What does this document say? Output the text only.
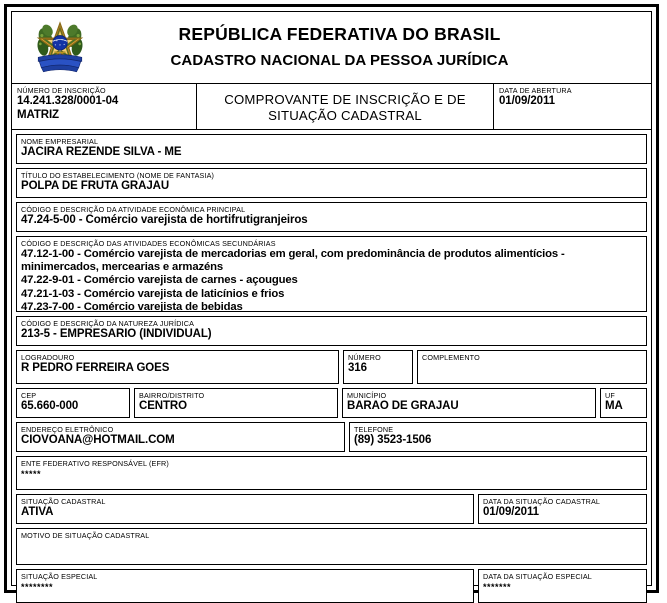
REPÚBLICA FEDERATIVA DO BRASIL
CADASTRO NACIONAL DA PESSOA JURÍDICA
NÚMERO DE INSCRIÇÃO
14.241.328/0001-04
MATRIZ
COMPROVANTE DE INSCRIÇÃO E DE
SITUAÇÃO CADASTRAL
DATA DE ABERTURA
01/09/2011
NOME EMPRESARIAL
JACIRA REZENDE SILVA - ME
TÍTULO DO ESTABELECIMENTO (NOME DE FANTASIA)
POLPA DE FRUTA GRAJAU
CÓDIGO E DESCRIÇÃO DA ATIVIDADE ECONÔMICA PRINCIPAL
47.24-5-00 - Comércio varejista de hortifrutigranjeiros
CÓDIGO E DESCRIÇÃO DAS ATIVIDADES ECONÔMICAS SECUNDÁRIAS
47.12-1-00 - Comércio varejista de mercadorias em geral, com predominância de produtos alimentícios -
minimercados, mercearias e armazéns
47.22-9-01 - Comércio varejista de carnes - açougues
47.21-1-03 - Comércio varejista de laticínios e frios
47.23-7-00 - Comércio varejista de bebidas
CÓDIGO E DESCRIÇÃO DA NATUREZA JURÍDICA
213-5 - EMPRESARIO (INDIVIDUAL)
LOGRADOURO
R PEDRO FERREIRA GOES
NÚMERO
316
COMPLEMENTO
CEP
65.660-000
BAIRRO/DISTRITO
CENTRO
MUNICÍPIO
BARAO DE GRAJAU
UF
MA
ENDEREÇO ELETRÔNICO
CIOVOANA@HOTMAIL.COM
TELEFONE
(89) 3523-1506
ENTE FEDERATIVO RESPONSÁVEL (EFR)
*****
SITUAÇÃO CADASTRAL
ATIVA
DATA DA SITUAÇÃO CADASTRAL
01/09/2011
MOTIVO DE SITUAÇÃO CADASTRAL
SITUAÇÃO ESPECIAL
********
DATA DA SITUAÇÃO ESPECIAL
*******
